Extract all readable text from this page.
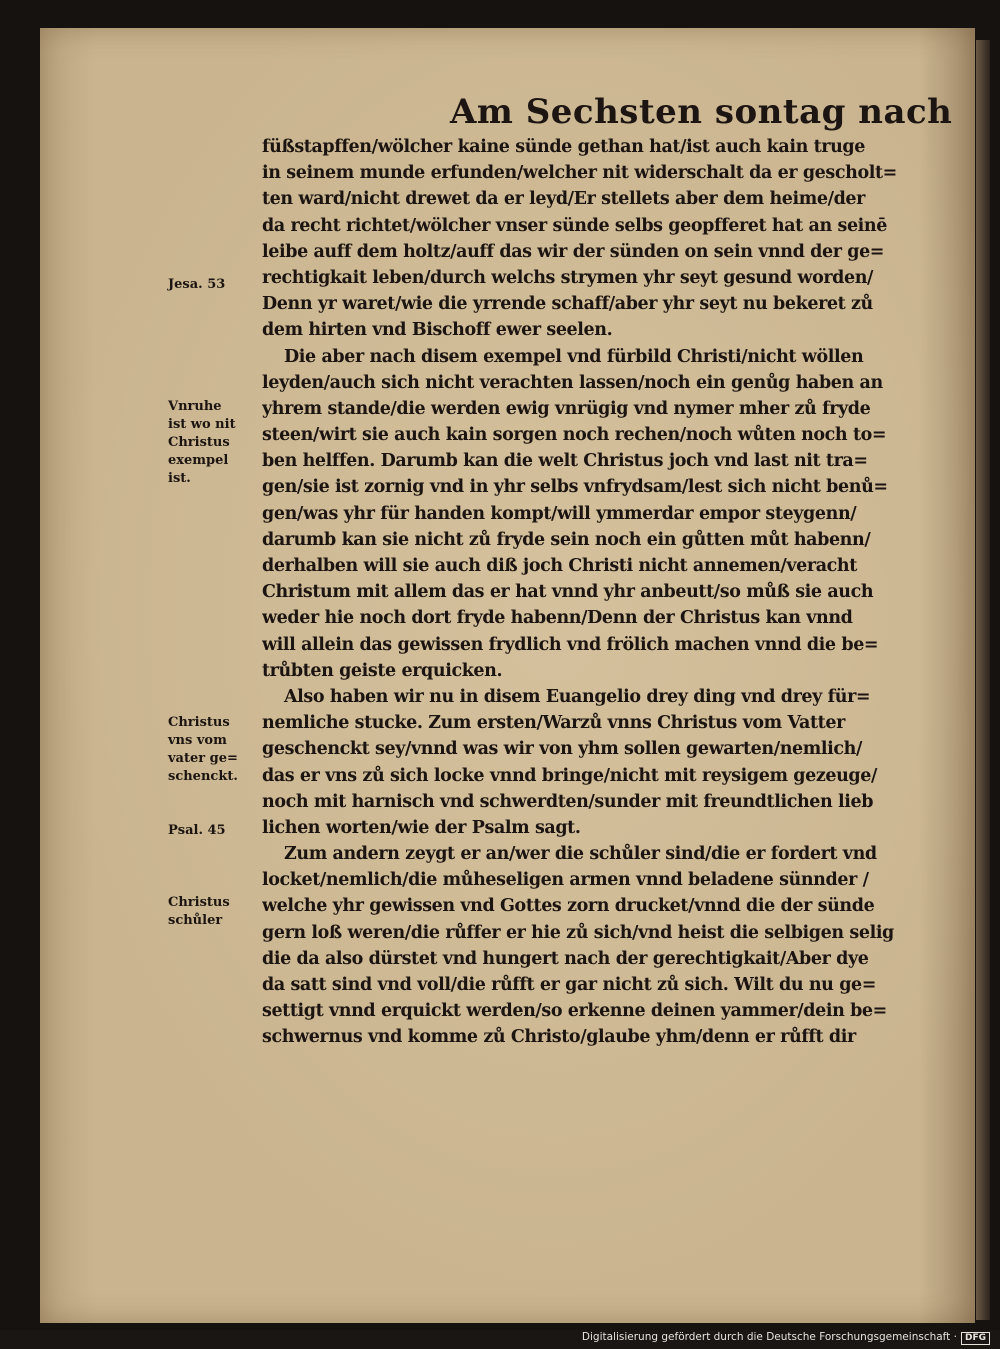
Am Sechsten sontag nach
füßstapffen/wölcher kaine sünde gethan hat/ist auch kain truge
in seinem munde erfunden/welcher nit widerschalt da er gescholt=
ten ward/nicht drewet da er leyd/Er stellets aber dem heime/der
da recht richtet/wölcher vnser sünde selbs geopfferet hat an seinē
leibe auff dem holtz/auff das wir der sünden on sein vnnd der ge=
rechtigkait leben/durch welchs strymen yhr seyt gesund worden/
Denn yr waret/wie die yrrende schaff/aber yhr seyt nu bekeret zů
dem hirten vnd Bischoff ewer seelen.
Die aber nach disem exempel vnd fürbild Christi/nicht wöllen
leyden/auch sich nicht verachten lassen/noch ein genůg haben an
yhrem stande/die werden ewig vnrügig vnd nymer mher zů fryde
steen/wirt sie auch kain sorgen noch rechen/noch wůten noch to=
ben helffen. Darumb kan die welt Christus joch vnd last nit tra=
gen/sie ist zornig vnd in yhr selbs vnfrydsam/lest sich nicht benů=
gen/was yhr für handen kompt/will ymmerdar empor steygenn/
darumb kan sie nicht zů fryde sein noch ein gůtten můt habenn/
derhalben will sie auch diß joch Christi nicht annemen/veracht
Christum mit allem das er hat vnnd yhr anbeutt/so můß sie auch
weder hie noch dort fryde habenn/Denn der Christus kan vnnd
will allein das gewissen frydlich vnd frölich machen vnnd die be=
trůbten geiste erquicken.
Also haben wir nu in disem Euangelio drey ding vnd drey für=
nemliche stucke. Zum ersten/Warzů vnns Christus vom Vatter
geschenckt sey/vnnd was wir von yhm sollen gewarten/nemlich/
das er vns zů sich locke vnnd bringe/nicht mit reysigem gezeuge/
noch mit harnisch vnd schwerdten/sunder mit freundtlichen lieb
lichen worten/wie der Psalm sagt.
Zum andern zeygt er an/wer die schůler sind/die er fordert vnd
locket/nemlich/die můheseligen armen vnnd beladene sünnder /
welche yhr gewissen vnd Gottes zorn drucket/vnnd die der sünde
gern loß weren/die růffer er hie zů sich/vnd heist die selbigen selig
die da also dürstet vnd hungert nach der gerechtigkait/Aber dye
da satt sind vnd voll/die růfft er gar nicht zů sich. Wilt du nu ge=
settigt vnnd erquickt werden/so erkenne deinen yammer/dein be=
schwernus vnd komme zů Christo/glaube yhm/denn er růfft dir
Jesa. 53
Vnruhe
ist wo nit
Christus
exempel
ist.
Christus
vns vom
vater ge=
schenckt.
Psal. 45
Christus
schůler
Digitalisierung gefördert durch die Deutsche Forschungsgemeinschaft · DFG
